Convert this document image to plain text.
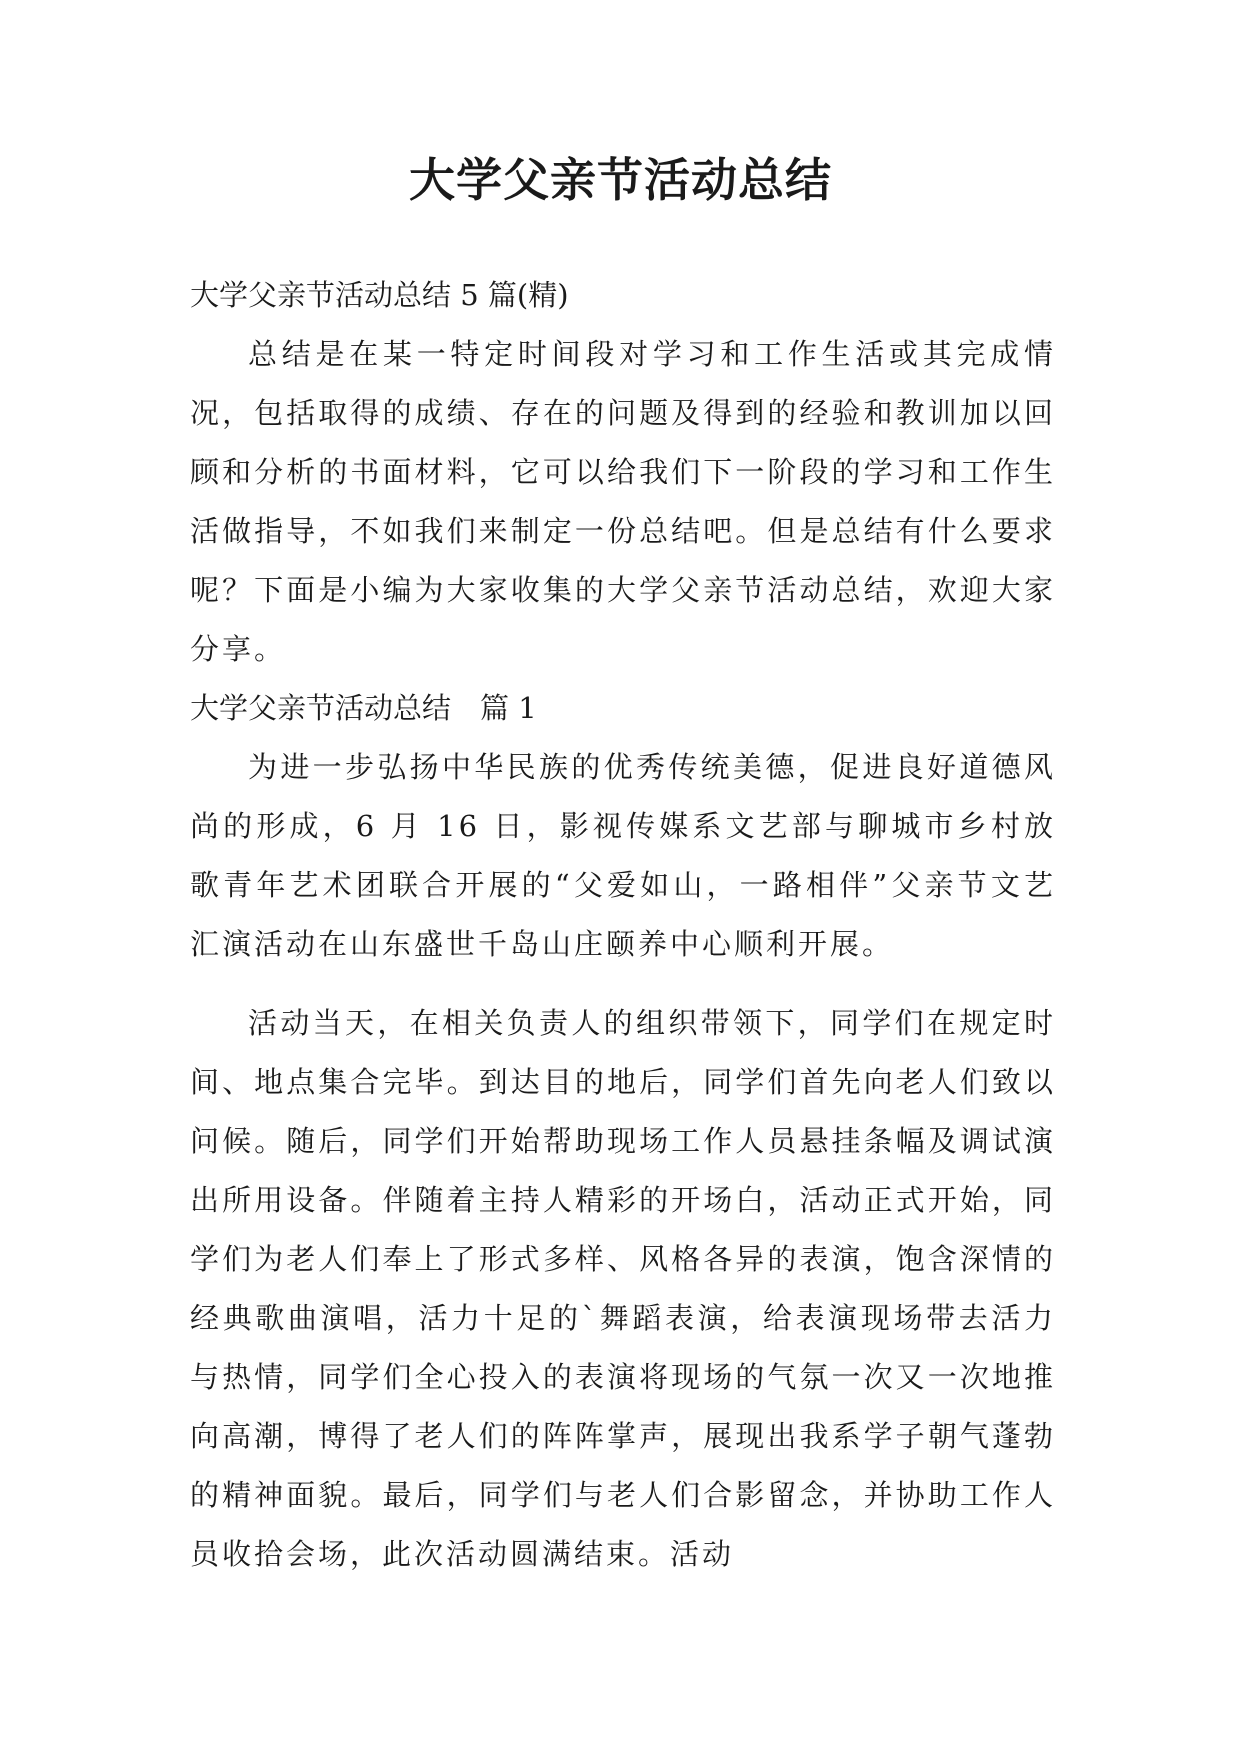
大学父亲节活动总结

大学父亲节活动总结 5 篇(精)

总结是在某一特定时间段对学习和工作生活或其完成情况，包括取得的成绩、存在的问题及得到的经验和教训加以回顾和分析的书面材料，它可以给我们下一阶段的学习和工作生活做指导，不如我们来制定一份总结吧。但是总结有什么要求呢？下面是小编为大家收集的大学父亲节活动总结，欢迎大家分享。

大学父亲节活动总结　篇 1

为进一步弘扬中华民族的优秀传统美德，促进良好道德风尚的形成，6 月 16 日，影视传媒系文艺部与聊城市乡村放歌青年艺术团联合开展的“父爱如山，一路相伴”父亲节文艺汇演活动在山东盛世千岛山庄颐养中心顺利开展。

活动当天，在相关负责人的组织带领下，同学们在规定时间、地点集合完毕。到达目的地后，同学们首先向老人们致以问候。随后，同学们开始帮助现场工作人员悬挂条幅及调试演出所用设备。伴随着主持人精彩的开场白，活动正式开始，同学们为老人们奉上了形式多样、风格各异的表演，饱含深情的经典歌曲演唱，活力十足的`舞蹈表演，给表演现场带去活力与热情，同学们全心投入的表演将现场的气氛一次又一次地推向高潮，博得了老人们的阵阵掌声，展现出我系学子朝气蓬勃的精神面貌。最后，同学们与老人们合影留念，并协助工作人员收拾会场，此次活动圆满结束。活动
